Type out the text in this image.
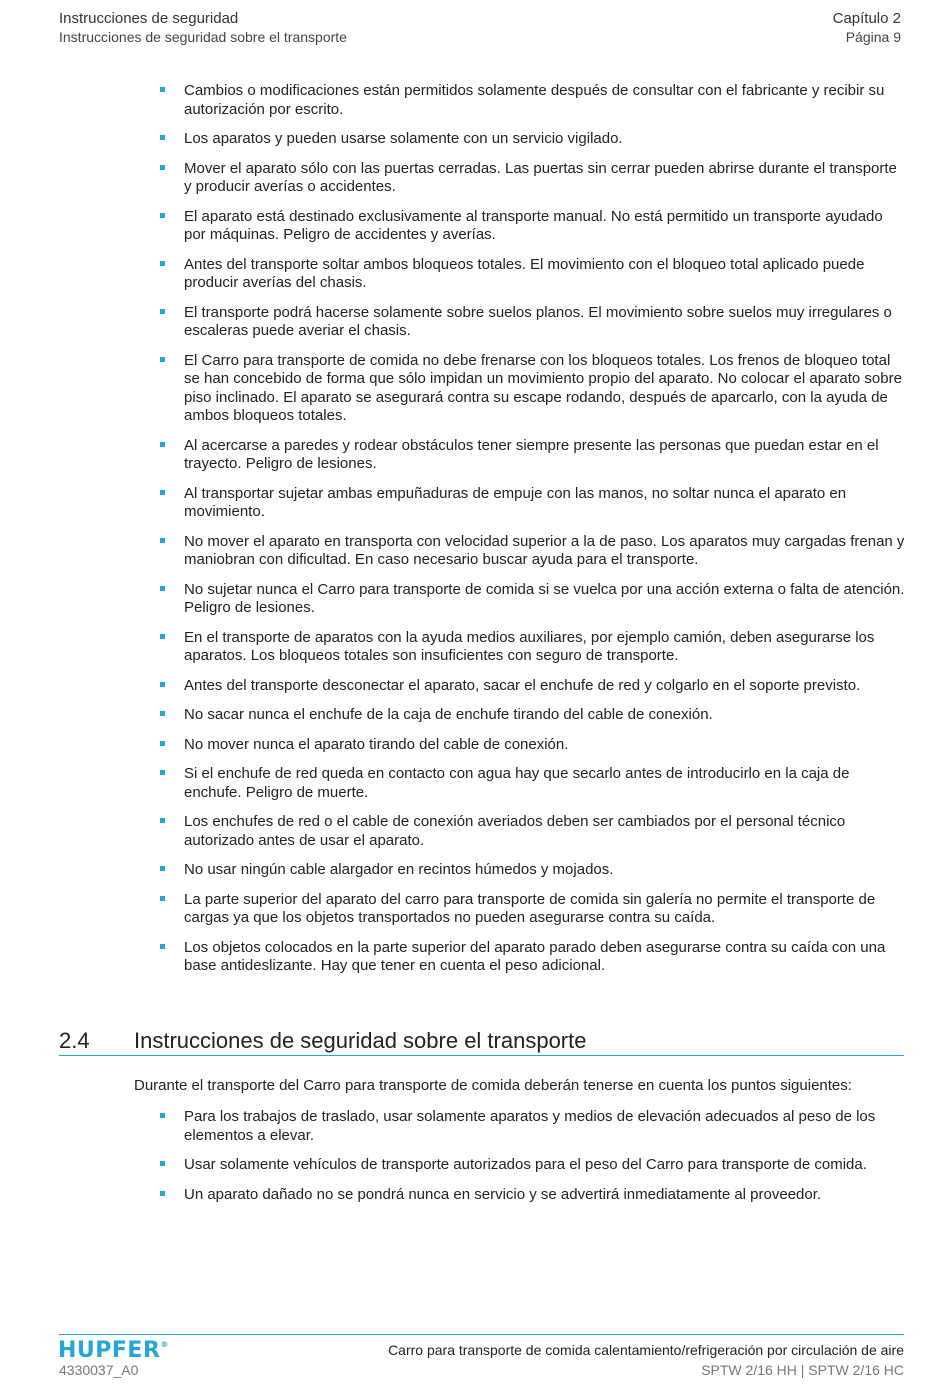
Instrucciones de seguridad
Instrucciones de seguridad sobre el transporte
Capítulo 2
Página 9
Cambios o modificaciones están permitidos solamente después de consultar con el fabricante y recibir su autorización por escrito.
Los aparatos y pueden usarse solamente con un servicio vigilado.
Mover el aparato sólo con las puertas cerradas. Las puertas sin cerrar pueden abrirse durante el transporte y producir averías o accidentes.
El aparato está destinado exclusivamente al transporte manual. No está permitido un transporte ayudado por máquinas. Peligro de accidentes y averías.
Antes del transporte soltar ambos bloqueos totales. El movimiento con el bloqueo total aplicado puede producir averías del chasis.
El transporte podrá hacerse solamente sobre suelos planos. El movimiento sobre suelos muy irregulares o escaleras puede averiar el chasis.
El Carro para transporte de comida no debe frenarse con los bloqueos totales. Los frenos de bloqueo total se han concebido de forma que sólo impidan un movimiento propio del aparato. No colocar el aparato sobre piso inclinado. El aparato se asegurará contra su escape rodando, después de aparcarlo, con la ayuda de ambos bloqueos totales.
Al acercarse a paredes y rodear obstáculos tener siempre presente las personas que puedan estar en el trayecto. Peligro de lesiones.
Al transportar sujetar ambas empuñaduras de empuje con las manos, no soltar nunca el aparato en movimiento.
No mover el aparato en transporta con velocidad superior a la de paso. Los aparatos muy cargadas frenan y maniobran con dificultad. En caso necesario buscar ayuda para el transporte.
No sujetar nunca el Carro para transporte de comida si se vuelca por una acción externa o falta de atención. Peligro de lesiones.
En el transporte de aparatos con la ayuda medios auxiliares, por ejemplo camión, deben asegurarse los aparatos. Los bloqueos totales son insuficientes con seguro de transporte.
Antes del transporte desconectar el aparato, sacar el enchufe de red y colgarlo en el soporte previsto.
No sacar nunca el enchufe de la caja de enchufe tirando del cable de conexión.
No mover nunca el aparato tirando del cable de conexión.
Si el enchufe de red queda en contacto con agua hay que secarlo antes de introducirlo en la caja de enchufe. Peligro de muerte.
Los enchufes de red o el cable de conexión averiados deben ser cambiados por el personal técnico autorizado antes de usar el aparato.
No usar ningún cable alargador en recintos húmedos y mojados.
La parte superior del aparato del carro para transporte de comida sin galería no permite el transporte de cargas ya que los objetos transportados no pueden asegurarse contra su caída.
Los objetos colocados en la parte superior del aparato parado deben asegurarse contra su caída con una base antideslizante. Hay que tener en cuenta el peso adicional.
2.4 Instrucciones de seguridad sobre el transporte
Durante el transporte del Carro para transporte de comida deberán tenerse en cuenta los puntos siguientes:
Para los trabajos de traslado, usar solamente aparatos y medios de elevación adecuados al peso de los elementos a elevar.
Usar solamente vehículos de transporte autorizados para el peso del Carro para transporte de comida.
Un aparato dañado no se pondrá nunca en servicio y se advertirá inmediatamente al proveedor.
HUPFER®
4330037_A0
Carro para transporte de comida calentamiento/refrigeración por circulación de aire
SPTW 2/16 HH | SPTW 2/16 HC
